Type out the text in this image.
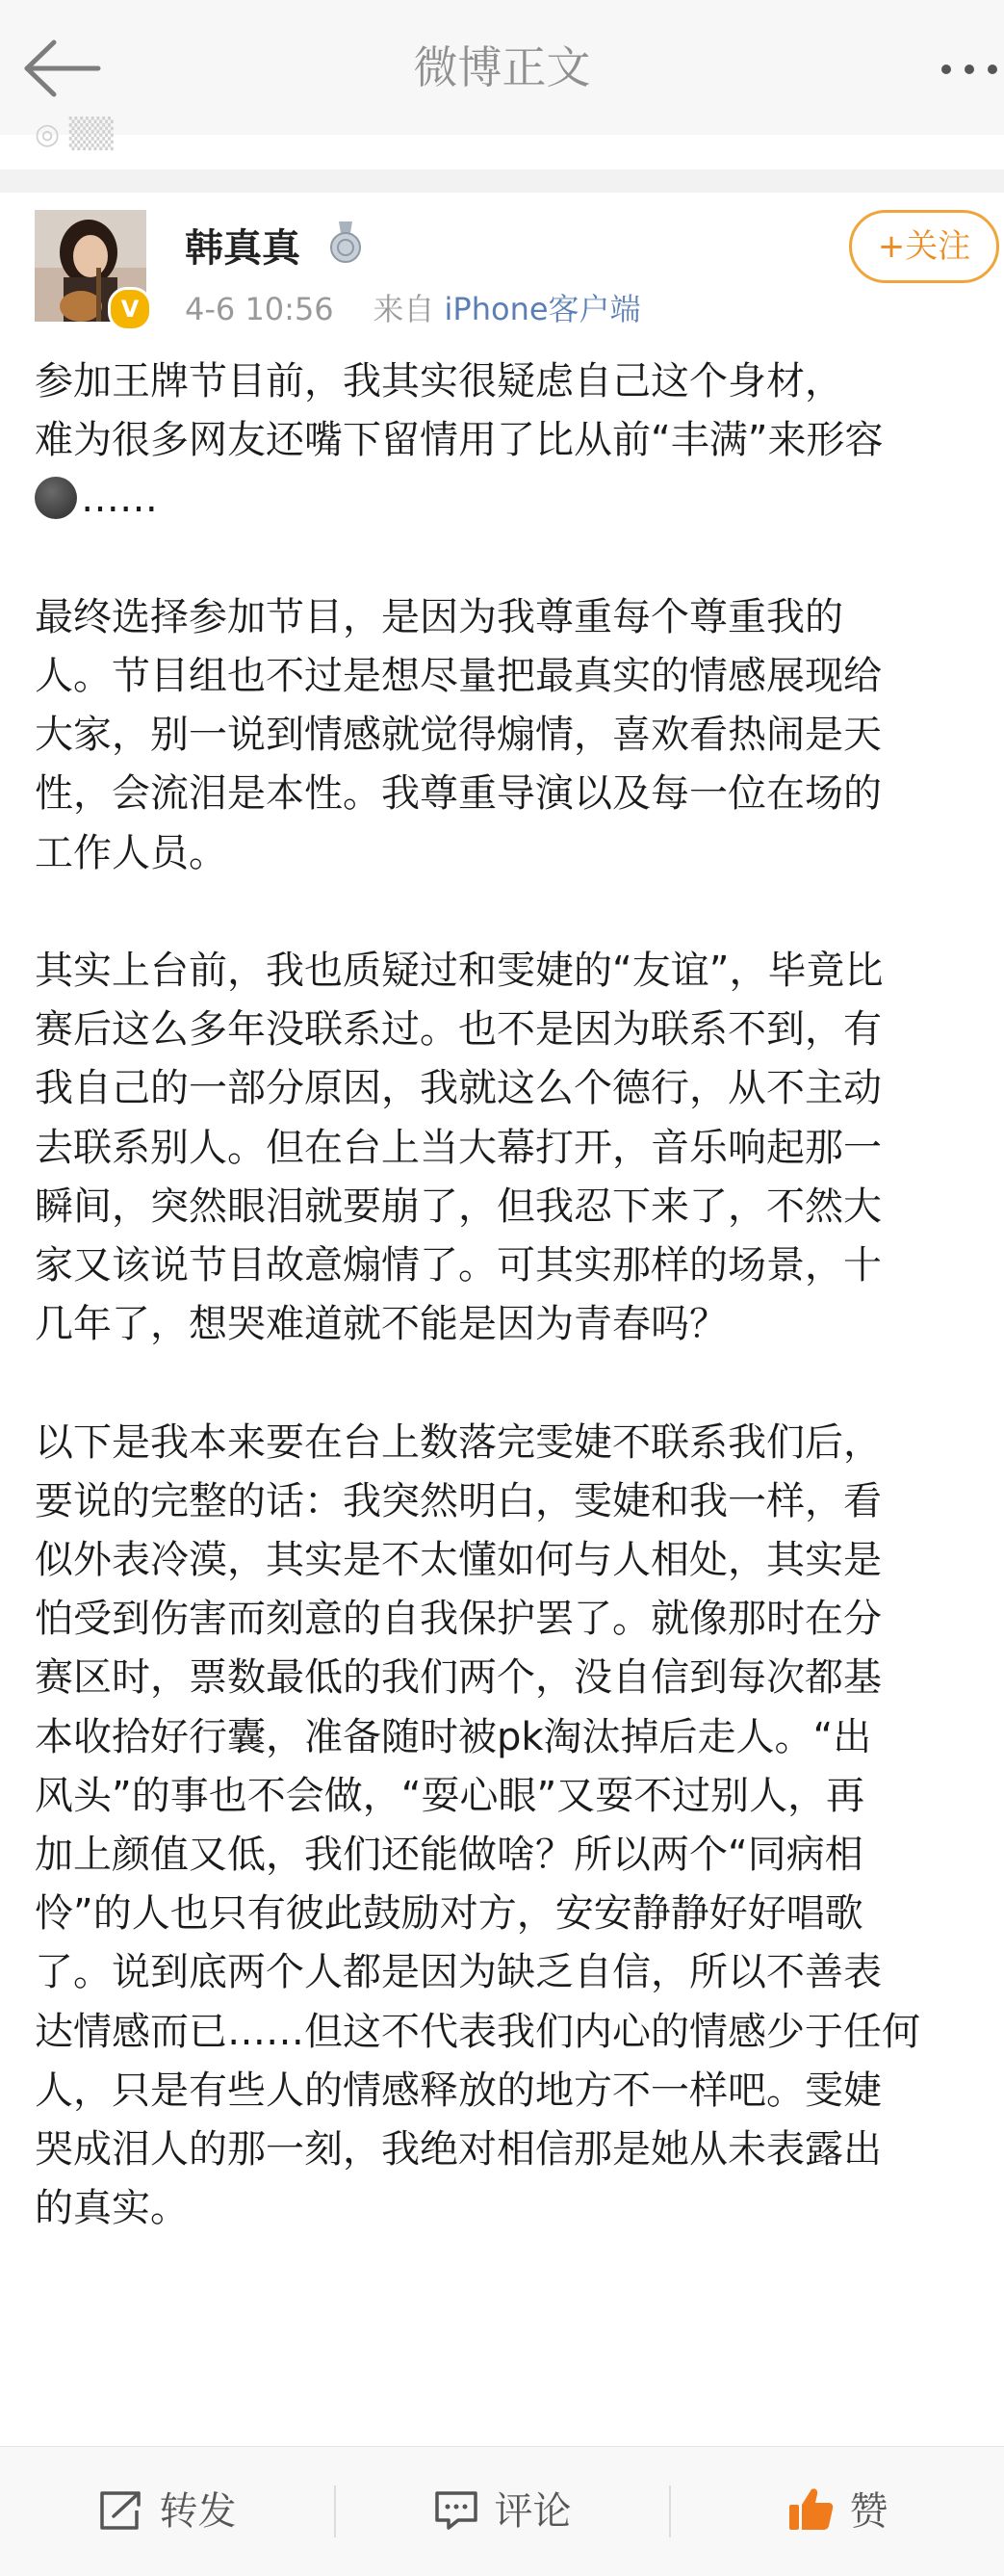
微博正文
◎ ▒▒
V
韩真真
4-6 10:56 来自 iPhone客户端
+关注

参加王牌节目前，我其实很疑虑自己这个身材，

难为很多网友还嘴下留情用了比从前“丰满”来形容

……

最终选择参加节目，是因为我尊重每个尊重我的

人。节目组也不过是想尽量把最真实的情感展现给

大家，别一说到情感就觉得煽情，喜欢看热闹是天

性，会流泪是本性。我尊重导演以及每一位在场的

工作人员。

其实上台前，我也质疑过和雯婕的“友谊”，毕竟比

赛后这么多年没联系过。也不是因为联系不到，有

我自己的一部分原因，我就这么个德行，从不主动

去联系别人。但在台上当大幕打开，音乐响起那一

瞬间，突然眼泪就要崩了，但我忍下来了，不然大

家又该说节目故意煽情了。可其实那样的场景，十

几年了，想哭难道就不能是因为青春吗？

以下是我本来要在台上数落完雯婕不联系我们后，

要说的完整的话：我突然明白，雯婕和我一样，看

似外表冷漠，其实是不太懂如何与人相处，其实是

怕受到伤害而刻意的自我保护罢了。就像那时在分

赛区时，票数最低的我们两个，没自信到每次都基

本收拾好行囊，准备随时被pk淘汰掉后走人。“出

风头”的事也不会做，“耍心眼”又耍不过别人，再

加上颜值又低，我们还能做啥？所以两个“同病相

怜”的人也只有彼此鼓励对方，安安静静好好唱歌

了。说到底两个人都是因为缺乏自信，所以不善表

达情感而已……但这不代表我们内心的情感少于任何

人，只是有些人的情感释放的地方不一样吧。雯婕

哭成泪人的那一刻，我绝对相信那是她从未表露出

的真实。

转发	评论	赞
